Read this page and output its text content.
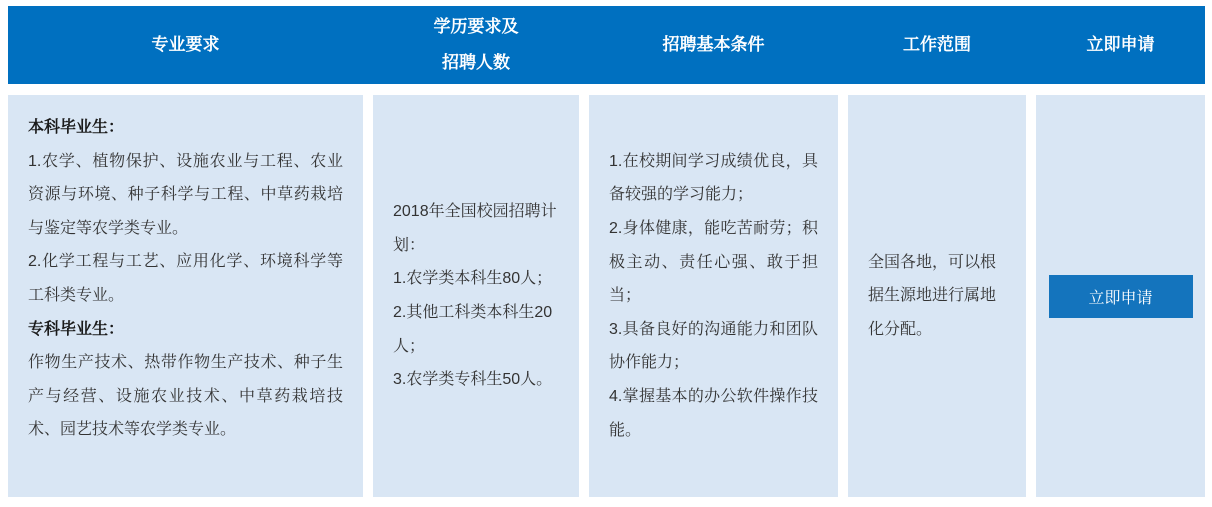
专业要求
学历要求及
招聘人数
招聘基本条件	工作范围	立即申请

本科毕业生：

1.农学、植物保护、设施农业与工程、农业资源与环境、种子科学与工程、中草药栽培与鉴定等农学类专业。

2.化学工程与工艺、应用化学、环境科学等工科类专业。

专科毕业生：

作物生产技术、热带作物生产技术、种子生产与经营、设施农业技术、中草药栽培技术、园艺技术等农学类专业。

2018年全国校园招聘计划：

1.农学类本科生80人；

2.其他工科类本科生20人；

3.农学类专科生50人。

1.在校期间学习成绩优良，具备较强的学习能力；

2.身体健康，能吃苦耐劳；积极主动、责任心强、敢于担当；

3.具备良好的沟通能力和团队协作能力；

4.掌握基本的办公软件操作技能。

全国各地，可以根据生源地进行属地化分配。

立即申请
